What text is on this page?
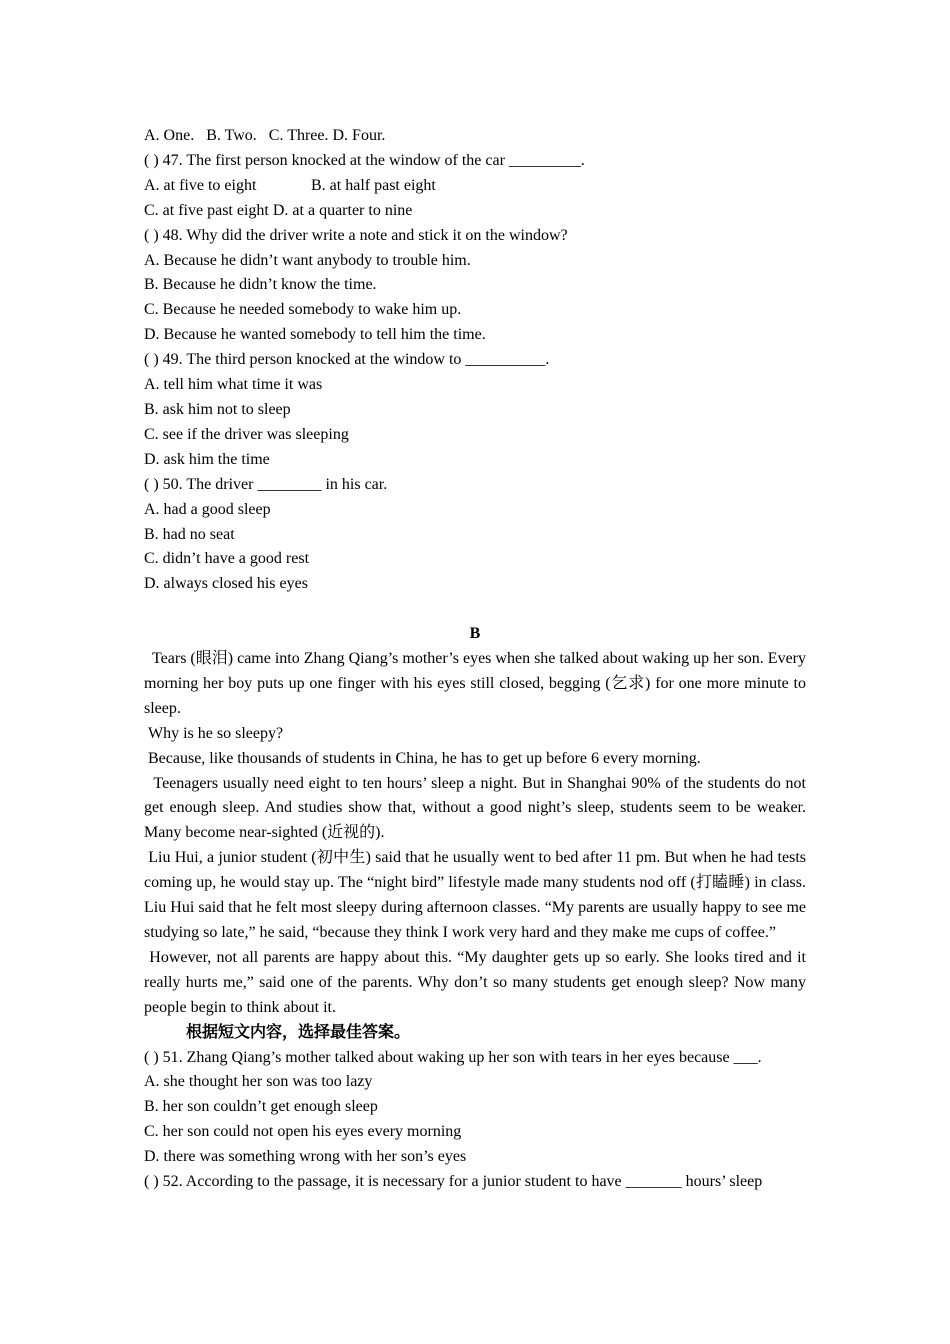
A. One.   B. Two.   C. Three. D. Four.

( ) 47. The first person knocked at the window of the car _________.

A. at five to eight	B. at half past eight
C. at five past eight D. at a quarter to nine

( ) 48. Why did the driver write a note and stick it on the window?

A. Because he didn’t want anybody to trouble him.

B. Because he didn’t know the time.

C. Because he needed somebody to wake him up.

D. Because he wanted somebody to tell him the time.

( ) 49. The third person knocked at the window to __________.

A. tell him what time it was

B. ask him not to sleep

C. see if the driver was sleeping

D. ask him the time

( ) 50. The driver ________ in his car.

A. had a good sleep

B. had no seat

C. didn’t have a good rest

D. always closed his eyes

B

Tears (眼泪) came into Zhang Qiang’s mother’s eyes when she talked about waking up her son. Every morning her boy puts up one finger with his eyes still closed, begging (乞求) for one more minute to sleep.

Why is he so sleepy?

Because, like thousands of students in China, he has to get up before 6 every morning.

Teenagers usually need eight to ten hours’ sleep a night. But in Shanghai 90% of the students do not get enough sleep. And studies show that, without a good night’s sleep, students seem to be weaker. Many become near-sighted (近视的).

Liu Hui, a junior student (初中生) said that he usually went to bed after 11 pm. But when he had tests coming up, he would stay up. The “night bird” lifestyle made many students nod off (打瞌睡) in class. Liu Hui said that he felt most sleepy during afternoon classes. “My parents are usually happy to see me studying so late,” he said, “because they think I work very hard and they make me cups of coffee.”

However, not all parents are happy about this. “My daughter gets up so early. She looks tired and it really hurts me,” said one of the parents. Why don’t so many students get enough sleep? Now many people begin to think about it.

根据短文内容，选择最佳答案。

( ) 51. Zhang Qiang’s mother talked about waking up her son with tears in her eyes because ___.

A. she thought her son was too lazy

B. her son couldn’t get enough sleep

C. her son could not open his eyes every morning

D. there was something wrong with her son’s eyes

( ) 52. According to the passage, it is necessary for a junior student to have _______ hours’ sleep
